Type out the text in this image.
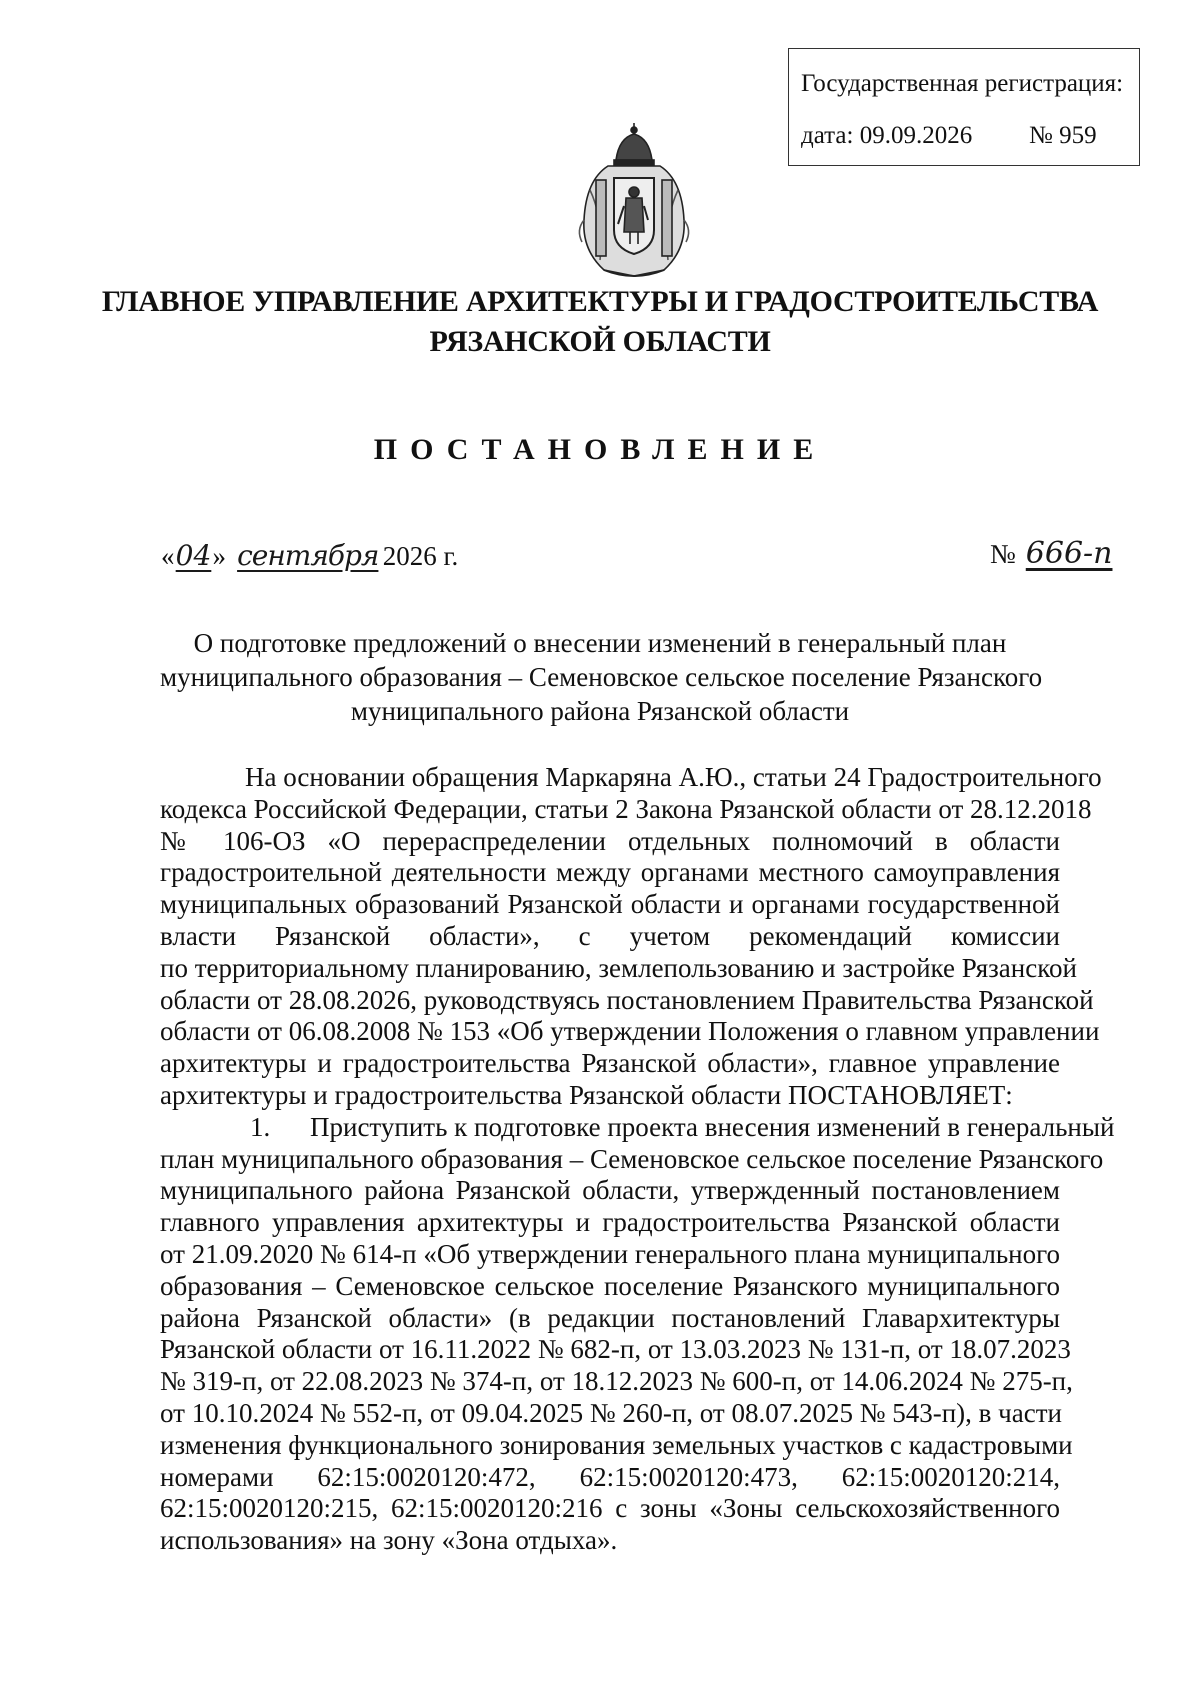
Государственная регистрация:
дата: 09.09.2026 № 959
ГЛАВНОЕ УПРАВЛЕНИЕ АРХИТЕКТУРЫ И ГРАДОСТРОИТЕЛЬСТВА
РЯЗАНСКОЙ ОБЛАСТИ
ПОСТАНОВЛЕНИЕ
«04» сентября 2026 г.	№ 666-п
О подготовке предложений о внесении изменений в генеральный план
муниципального образования – Семеновское сельское поселение Рязанского
муниципального района Рязанской области
На основании обращения Маркаряна А.Ю., статьи 24 Градостроительного
кодекса Российской Федерации, статьи 2 Закона Рязанской области от 28.12.2018
№ 106-ОЗ «О перераспределении отдельных полномочий в области
градостроительной деятельности между органами местного самоуправления
муниципальных образований Рязанской области и органами государственной
власти Рязанской области», с учетом рекомендаций комиссии
по территориальному планированию, землепользованию и застройке Рязанской
области от 28.08.2026, руководствуясь постановлением Правительства Рязанской
области от 06.08.2008 № 153 «Об утверждении Положения о главном управлении
архитектуры и градостроительства Рязанской области», главное управление
архитектуры и градостроительства Рязанской области ПОСТАНОВЛЯЕТ:
1. Приступить к подготовке проекта внесения изменений в генеральный
план муниципального образования – Семеновское сельское поселение Рязанского
муниципального района Рязанской области, утвержденный постановлением
главного управления архитектуры и градостроительства Рязанской области
от 21.09.2020 № 614-п «Об утверждении генерального плана муниципального
образования – Семеновское сельское поселение Рязанского муниципального
района Рязанской области» (в редакции постановлений Главархитектуры
Рязанской области от 16.11.2022 № 682-п, от 13.03.2023 № 131-п, от 18.07.2023
№ 319-п, от 22.08.2023 № 374-п, от 18.12.2023 № 600-п, от 14.06.2024 № 275-п,
от 10.10.2024 № 552-п, от 09.04.2025 № 260-п, от 08.07.2025 № 543-п), в части
изменения функционального зонирования земельных участков с кадастровыми
номерами 62:15:0020120:472, 62:15:0020120:473, 62:15:0020120:214,
62:15:0020120:215, 62:15:0020120:216 с зоны «Зоны сельскохозяйственного
использования» на зону «Зона отдыха».
